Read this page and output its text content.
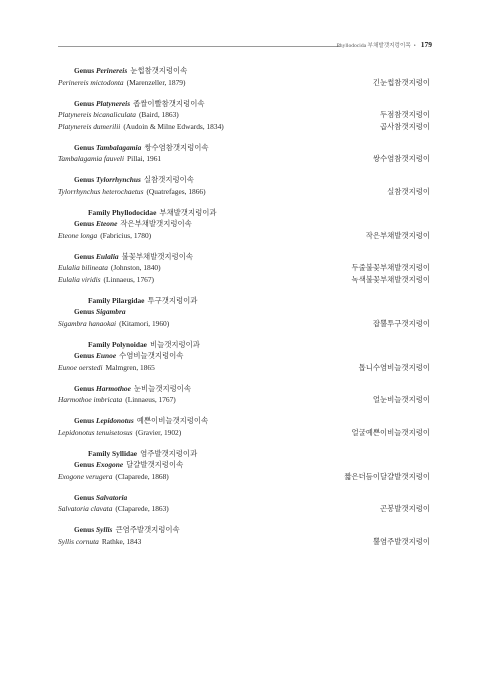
Phyllodocida 부채발갯지렁이목 • 179
Genus Perinereis 눈썹참갯지렁이속
Perinereis mictodonta (Marenzeller, 1879)	긴눈썹참갯지렁이
Genus Platynereis 좁쌀이빨참갯지렁이속
Platynereis bicanaliculata (Baird, 1863)	두점참갯지렁이
Platynereis dumerilii (Audoin & Milne Edwards, 1834)	곱사참갯지렁이
Genus Tambalagamia 쌍수염참갯지렁이속
Tambalagamia fauveli Pillai, 1961	쌍수염참갯지렁이
Genus Tylorrhynchus 실참갯지렁이속
Tylorrhynchus heterochaetus (Quatrefages, 1866)	실참갯지렁이
Family Phyllodocidae 부채발갯지렁이과
Genus Eteone 작은부채발갯지렁이속
Eteone longa (Fabricius, 1780)	작은부채발갯지렁이
Genus Eulalia 불꽃부채발갯지렁이속
Eulalia bilineata (Johnston, 1840)	두줄불꽃부채발갯지렁이
Eulalia viridis (Linnaeus, 1767)	녹색불꽃부채발갯지렁이
Family Pilargidae 투구갯지렁이과
Genus Sigambra
Sigambra hanaokai (Kitamori, 1960)	잡뿔투구갯지렁이
Family Polynoidae 비늘갯지렁이과
Genus Eunoe 수염비늘갯지렁이속
Eunoe oerstedi Malmgren, 1865	톱니수염비늘갯지렁이
Genus Harmothoe 눈비늘갯지렁이속
Harmothoe imbricata (Linnaeus, 1767)	얼눈비늘갯지렁이
Genus Lepidonotus 예쁜이비늘갯지렁이속
Lepidonotus tenuisetosus (Gravier, 1902)	얼굴예쁜이비늘갯지렁이
Family Syllidae 염주발갯지렁이과
Genus Exogone 달걀발갯지렁이속
Exogone verugera (Claparede, 1868)	짧은더듬이달걀발갯지렁이
Genus Salvatoria
Salvatoria clavata (Claparede, 1863)	곤봉발갯지렁이
Genus Syllis 큰염주발갯지렁이속
Syllis cornuta Rathke, 1843	뿔염주발갯지렁이
